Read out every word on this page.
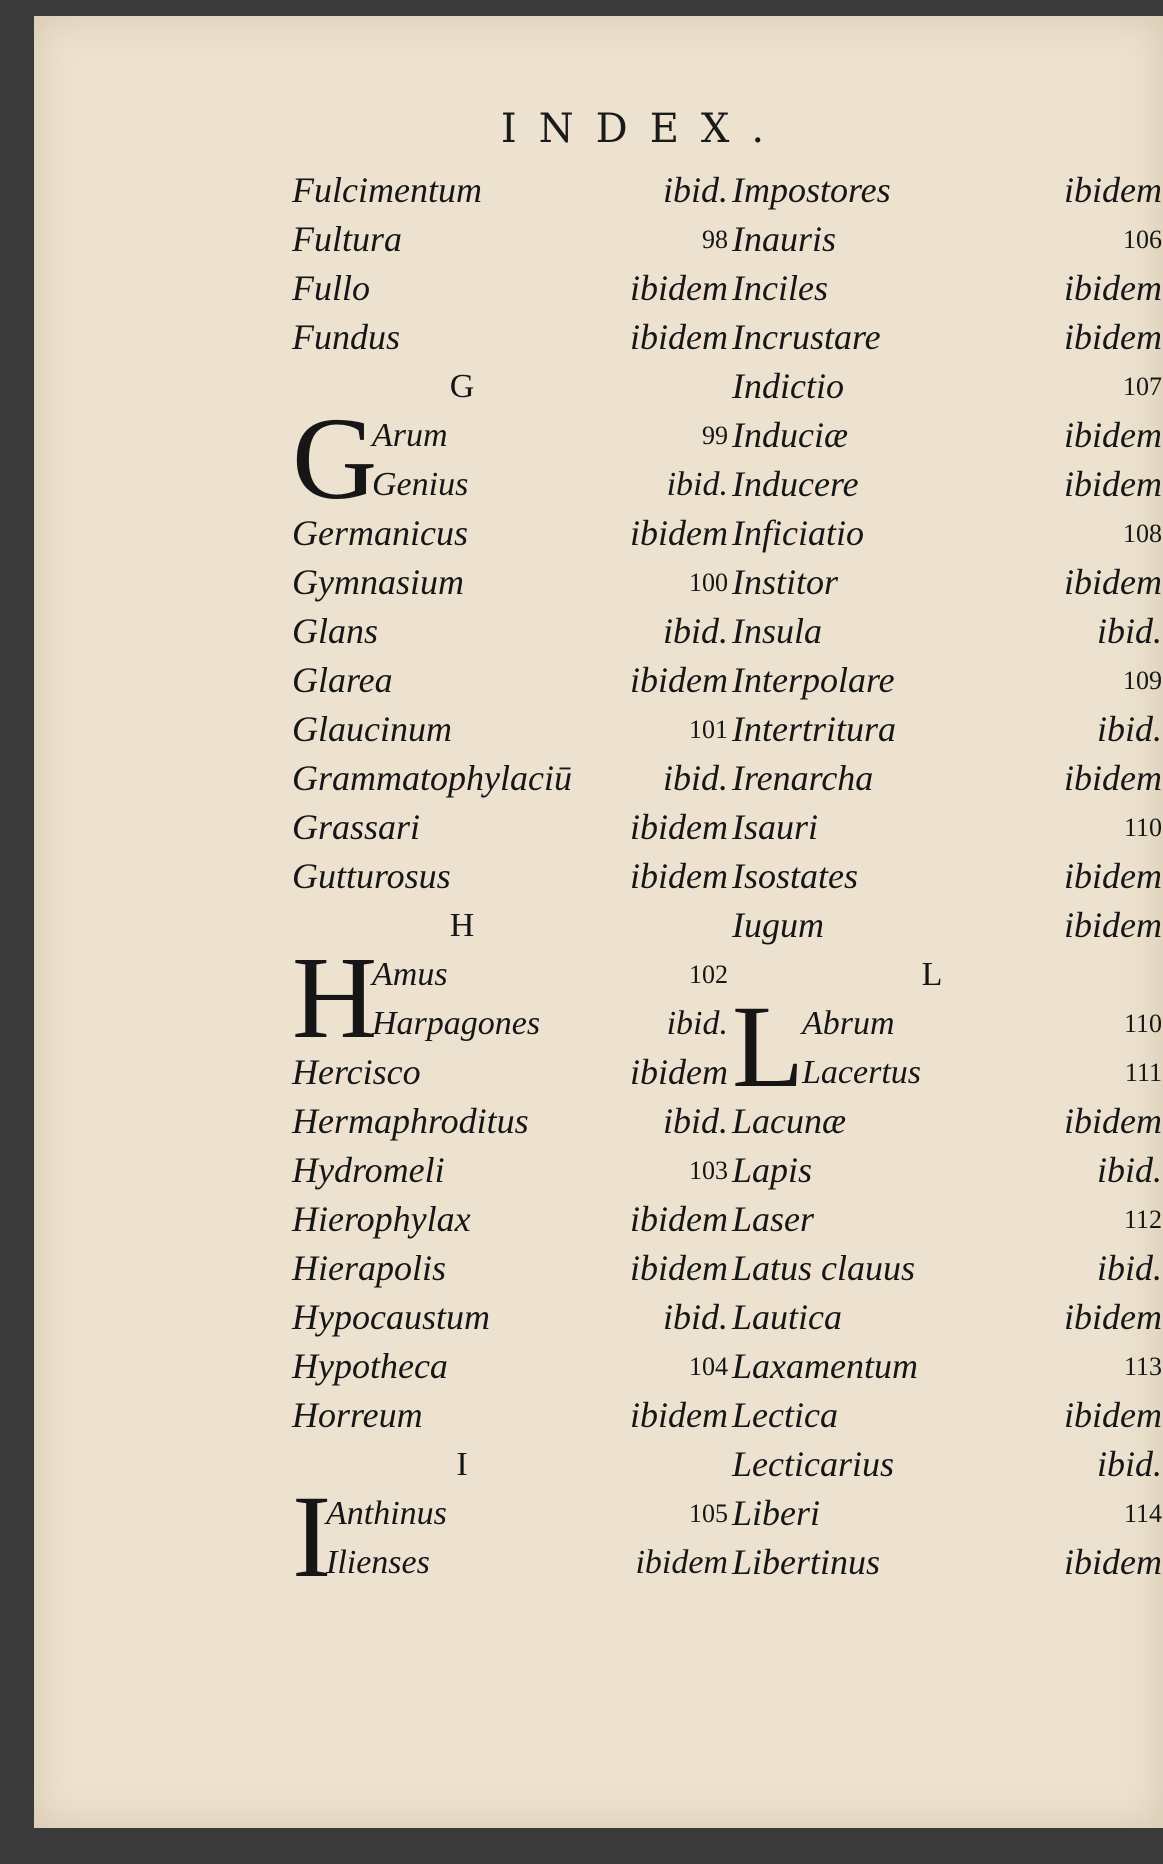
INDEX.
Fulcimentum	ibid.
Fultura	98
Fullo	ibidem
Fundus	ibidem
G
G
Arum	99
Genius	ibid.
Germanicus	ibidem
Gymnasium	100
Glans	ibid.
Glarea	ibidem
Glaucinum	101
Grammatophylaciū	ibid.
Grassari	ibidem
Gutturosus	ibidem
H
H
Amus	102
Harpagones	ibid.
Hercisco	ibidem
Hermaphroditus	ibid.
Hydromeli	103
Hierophylax	ibidem
Hierapolis	ibidem
Hypocaustum	ibid.
Hypotheca	104
Horreum	ibidem
I
I
Anthinus	105
Ilienses	ibidem
Impostores	ibidem
Inauris	106
Inciles	ibidem
Incrustare	ibidem
Indictio	107
Induciæ	ibidem
Inducere	ibidem
Inficiatio	108
Institor	ibidem
Insula	ibid.
Interpolare	109
Intertritura	ibid.
Irenarcha	ibidem
Isauri	110
Isostates	ibidem
Iugum	ibidem
L
L
Abrum	110
Lacertus	111
Lacunæ	ibidem
Lapis	ibid.
Laser	112
Latus clauus	ibid.
Lautica	ibidem
Laxamentum	113
Lectica	ibidem
Lecticarius	ibid.
Liberi	114
Libertinus	ibidem
